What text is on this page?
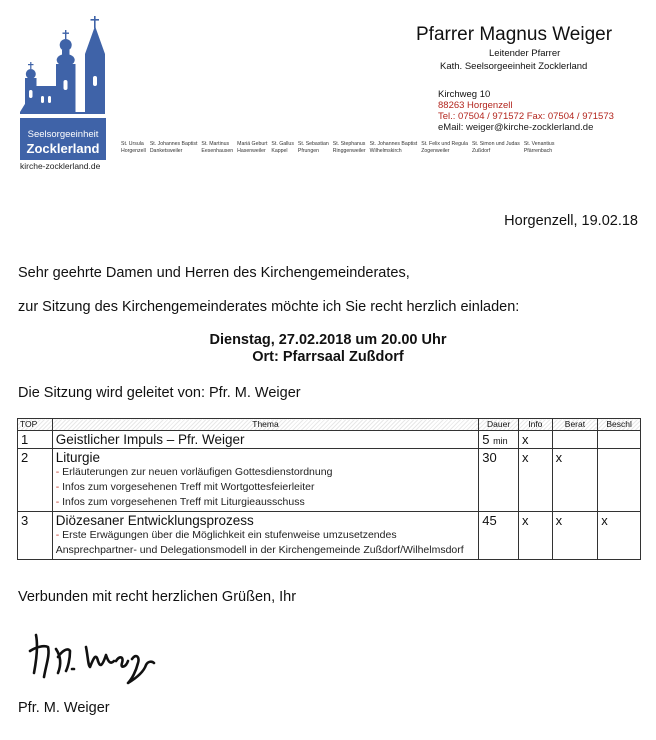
Seelsorgeeinheit
Zocklerland
kirche-zocklerland.de
Pfarrer Magnus Weiger
Leitender Pfarrer
Kath. Seelsorgeeinheit Zocklerland
Kirchweg 10
88263 Horgenzell
Tel.: 07504 / 971572 Fax: 07504 / 971573
eMail: weiger@kirche-zocklerland.de
St. Ursula
Horgenzell
St. Johannes Baptist
Danketsweiler
St. Martinus
Eesenhausen
Mariä Geburt
Hasenweiler
St. Gallus
Kappel
St. Sebastian
Pfrungen
St. Stephanus
Ringgenweiler
St. Johannes Baptist
Wilhelmskirch
St. Felix und Regula
Zogenweiler
St. Simon und Judas
Zußdorf
St. Venantius
Pfärrenbach
Horgenzell, 19.02.18
Sehr geehrte Damen und Herren des Kirchengemeinderates,
zur Sitzung des Kirchengemeinderates möchte ich Sie recht herzlich einladen:
Dienstag, 27.02.2018 um 20.00 Uhr
Ort: Pfarrsaal Zußdorf
Die Sitzung wird geleitet von: Pfr. M. Weiger
TOP	Thema	Dauer	Info	Berat	Beschl
1	Geistlicher Impuls – Pfr. Weiger	5 min	x		
2	Liturgie
- Erläuterungen zur neuen vorläufigen Gottesdienstordnung
- Infos zum vorgesehenen Treff mit Wortgottesfeierleiter
- Infos zum vorgesehenen Treff mit Liturgieausschuss	30	x	x	
3	Diözesaner Entwicklungsprozess
- Erste Erwägungen über die Möglichkeit ein stufenweise umzusetzendes Ansprechpartner- und Delegationsmodell in der Kirchengemeinde Zußdorf/Wilhelmsdorf	45	x	x	x
Verbunden mit recht herzlichen Grüßen, Ihr
Pfr. M. Weiger
